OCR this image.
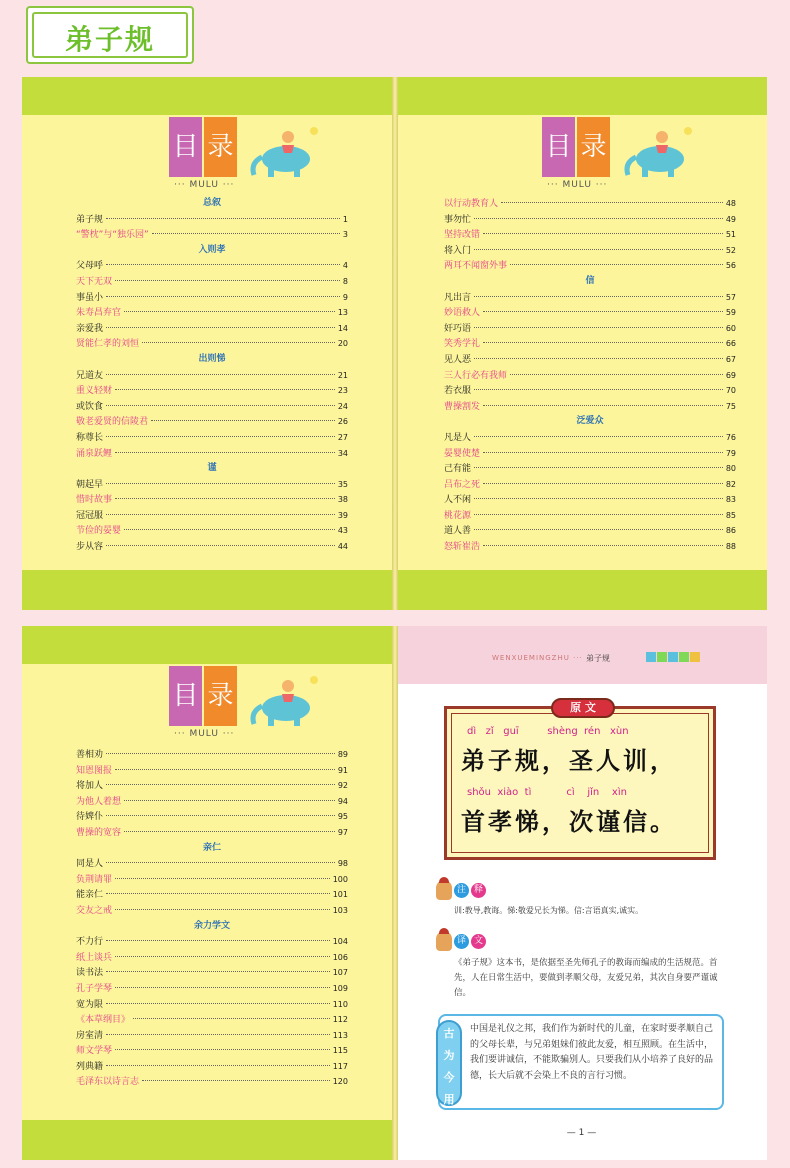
弟子规
目 录
··· MULU ···
总叙
弟子规	1
“警枕”与“独乐园”	3
入则孝
父母呼	4
天下无双	8
事虽小	9
朱寿昌弃官	13
亲爱我	14
贤能仁孝的刘恒	20
出则悌
兄道友	21
重义轻财	23
或饮食	24
敬老爱贤的信陵君	26
称尊长	27
涌泉跃鲤	34
谨
朝起早	35
惜时故事	38
冠冠服	39
节俭的晏婴	43
步从容	44
目 录
··· MULU ···
以行动教育人	48
事勿忙	49
坚持改错	51
将入门	52
两耳不闻窗外事	56
信
凡出言	57
妙语救人	59
奸巧语	60
笑秀学礼	66
见人恶	67
三人行必有我师	69
若衣服	70
曹操割发	75
泛爱众
凡是人	76
晏婴使楚	79
己有能	80
吕布之死	82
人不闲	83
桃花源	85
道人善	86
怒斩崔浩	88
目 录
··· MULU ···
善相劝	89
知恩图报	91
将加人	92
为他人着想	94
待婢仆	95
曹操的宽容	97
亲仁
同是人	98
负荆请罪	100
能亲仁	101
交友之戒	103
余力学文
不力行	104
纸上谈兵	106
读书法	107
孔子学琴	109
宽为限	110
《本草纲目》	112
房室清	113
师文学琴	115
列典籍	117
毛泽东以诗言志	120
WENXUEMINGZHU ··· 弟子规
原 文
dì   zǐ   guī         shèng  rén   xùn
弟子规，圣人训，
shǒu  xiào  tì           cì    jǐn    xìn
首孝悌，次谨信。
注 释
训:教导,教诲。悌:敬爱兄长为悌。信:言语真实,诚实。
译 文
《弟子规》这本书，是依据至圣先师孔子的教诲而编成的生活规范。首先，人在日常生活中，要做到孝顺父母，友爱兄弟，其次自身要严谨诚信。
古
为
今
用
中国是礼仪之邦，我们作为新时代的儿童，在家时要孝顺自己的父母长辈，与兄弟姐妹们彼此友爱，相互照顾。在生活中，我们要讲诚信，不能欺骗别人。只要我们从小培养了良好的品德，长大后就不会染上不良的言行习惯。
— 1 —
